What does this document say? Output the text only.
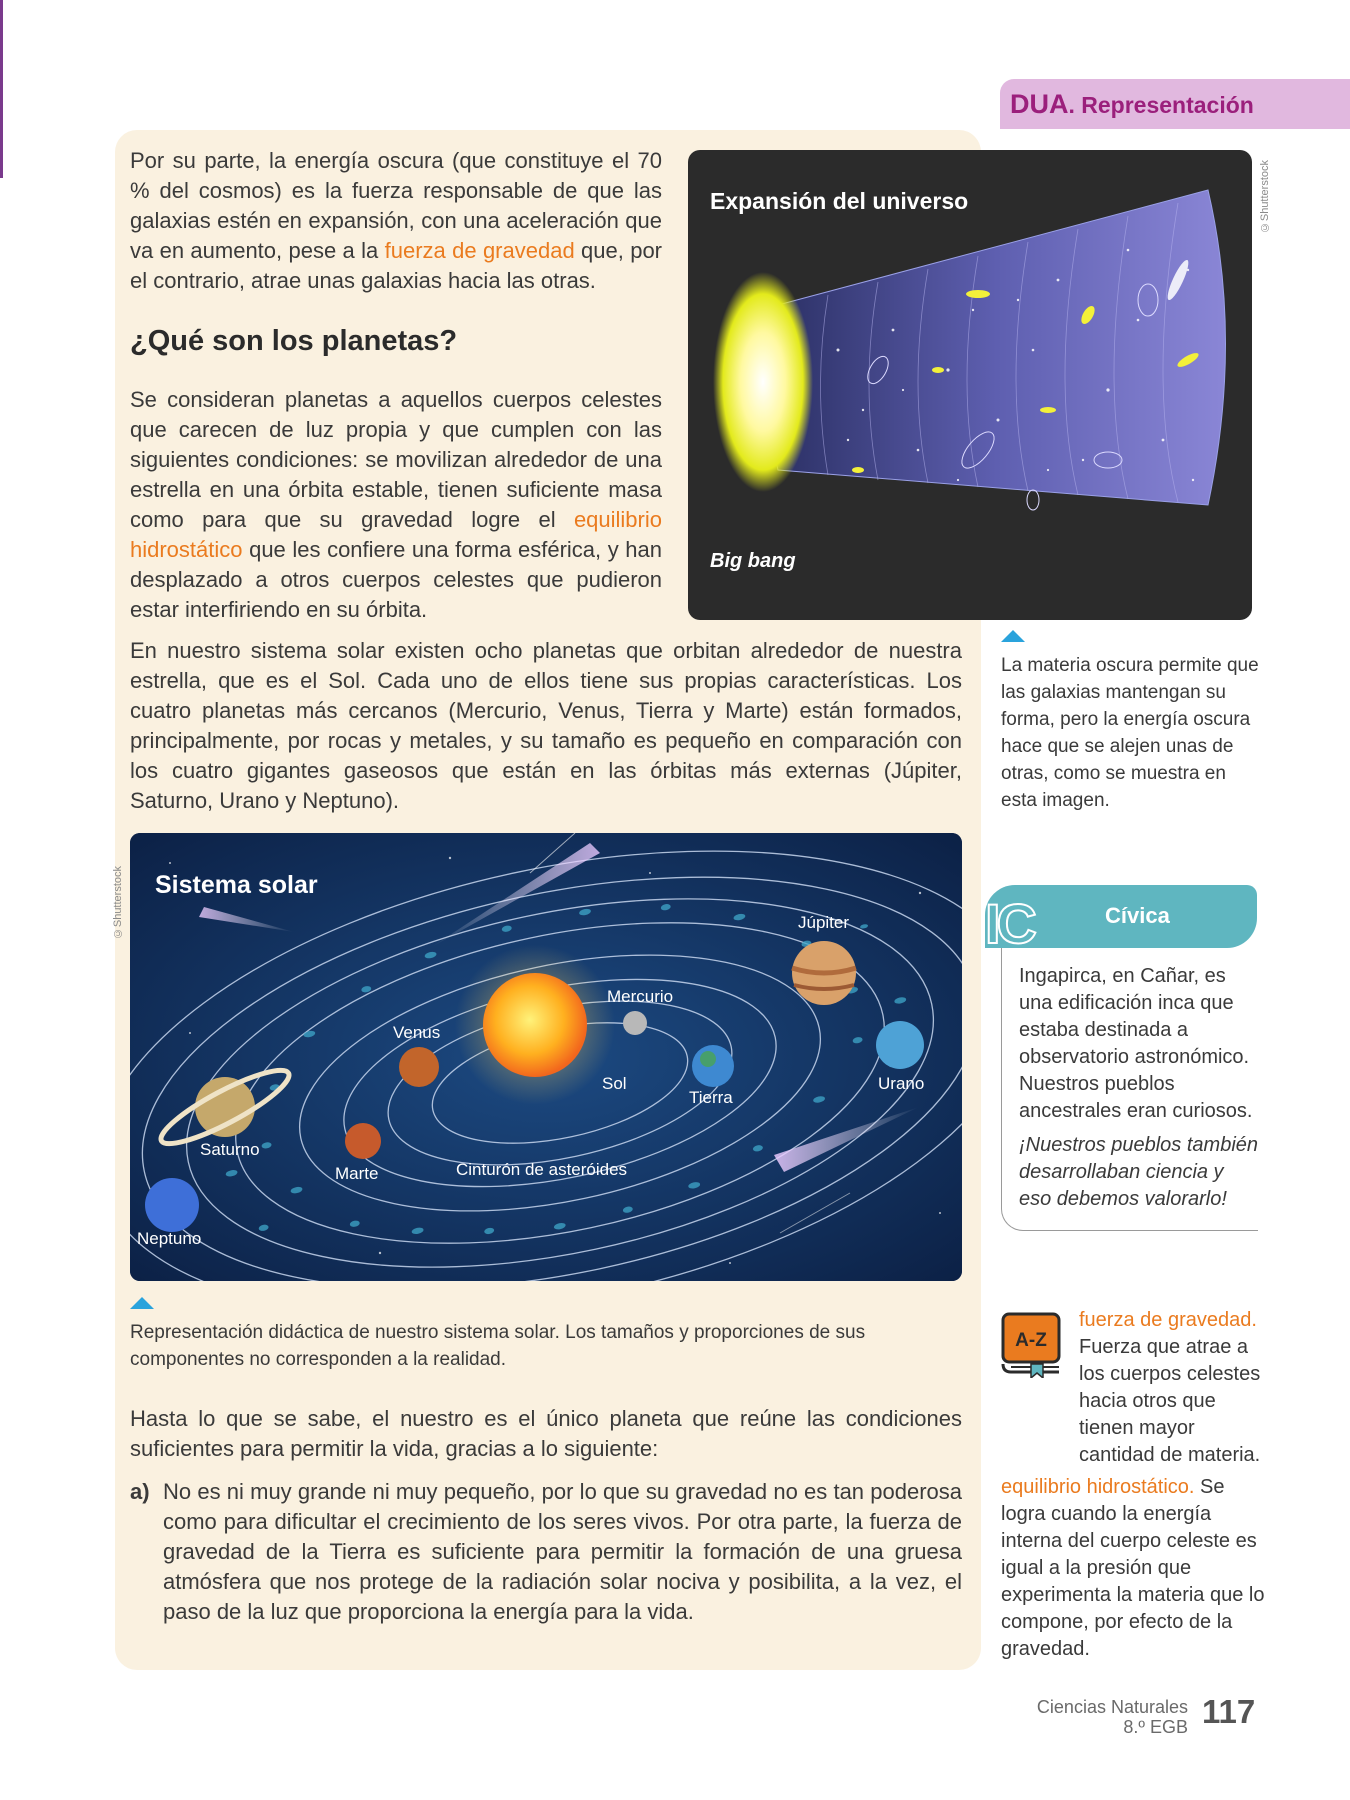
DUA. Representación

Por su parte, la energía oscura (que constituye el 70 % del cosmos) es la fuerza responsable de que las galaxias estén en expansión, con una aceleración que va en aumento, pese a la fuerza de gravedad que, por el contrario, atrae unas galaxias hacia las otras.

¿Qué son los planetas?

Se consideran planetas a aquellos cuerpos celestes que carecen de luz propia y que cumplen con las siguientes condiciones: se movilizan alrededor de una estrella en una órbita estable, tienen suficiente masa como para que su gravedad logre el equilibrio hidrostático que les confiere una forma esférica, y han desplazado a otros cuerpos celestes que pudieron estar interfiriendo en su órbita.

Expansión del universo
Big bang
©Shutterstock

La materia oscura permite que las galaxias mantengan su forma, pero la energía oscura hace que se alejen unas de otras, como se muestra en esta imagen.

En nuestro sistema solar existen ocho planetas que orbitan alrededor de nuestra estrella, que es el Sol. Cada uno de ellos tiene sus propias características. Los cuatro planetas más cercanos (Mercurio, Venus, Tierra y Marte) están formados, principalmente, por rocas y metales, y su tamaño es pequeño en comparación con los cuatro gigantes gaseosos que están en las órbitas más externas (Júpiter, Saturno, Urano y Neptuno).

©Shutterstock Sistema solar
Júpiter
Mercurio
Venus
Sol
Tierra
Urano
Saturno
Marte	Cinturón de asteróides
Neptuno

Representación didáctica de nuestro sistema solar. Los tamaños y proporciones de sus componentes no corresponden a la realidad.

Hasta lo que se sabe, el nuestro es el único planeta que reúne las condiciones suficientes para permitir la vida, gracias a lo siguiente:

a) No es ni muy grande ni muy pequeño, por lo que su gravedad no es tan poderosa como para dificultar el crecimiento de los seres vivos. Por otra parte, la fuerza de gravedad de la Tierra es suficiente para permitir la formación de una gruesa atmósfera que nos protege de la radiación solar nociva y posibilita, a la vez, el paso de la luz que proporciona la energía para la vida.
IC	Cívica

Ingapirca, en Cañar, es una edificación inca que estaba destinada a observatorio astronómico. Nuestros pueblos ancestrales eran curiosos.

¡Nuestros pueblos también desarrollaban ciencia y eso debemos valorarlo!

A-Z
fuerza de gravedad. Fuerza que atrae a los cuerpos celestes hacia otros que tienen mayor cantidad de materia.
equilibrio hidrostático. Se logra cuando la energía interna del cuerpo celeste es igual a la presión que experimenta la materia que lo compone, por efecto de la gravedad.
Ciencias Naturales
8.º EGB 117
